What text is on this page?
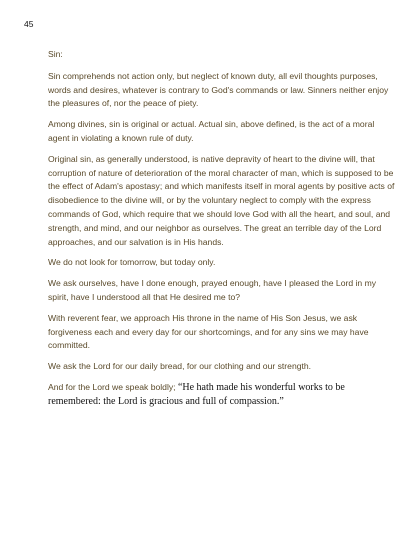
45

Sin:

Sin comprehends not action only, but neglect of known duty, all evil thoughts purposes, words and desires, whatever is contrary to God's commands or law. Sinners neither enjoy the pleasures of, nor the peace of piety.

Among divines, sin is original or actual. Actual sin, above defined, is the act of a moral agent in violating a known rule of duty.

Original sin, as generally understood, is native depravity of heart to the divine will, that corruption of nature of deterioration of the moral character of man, which is supposed to be the effect of Adam's apostasy; and which manifests itself in moral agents by positive acts of disobedience to the divine will, or by the voluntary neglect to comply with the express commands of God, which require that we should love God with all the heart, and soul, and strength, and mind, and our neighbor as ourselves. The great an terrible day of the Lord approaches, and our salvation is in His hands.

We do not look for tomorrow, but today only.

We ask ourselves, have I done enough, prayed enough, have I pleased the Lord in my spirit, have I understood all that He desired me to?

With reverent fear, we approach His throne in the name of His Son Jesus, we ask forgiveness each and every day for our shortcomings, and for any sins we may have committed.

We ask the Lord for our daily bread, for our clothing and our strength.

And for the Lord we speak boldly; “He hath made his wonderful works to be remembered: the Lord is gracious and full of compassion.”
